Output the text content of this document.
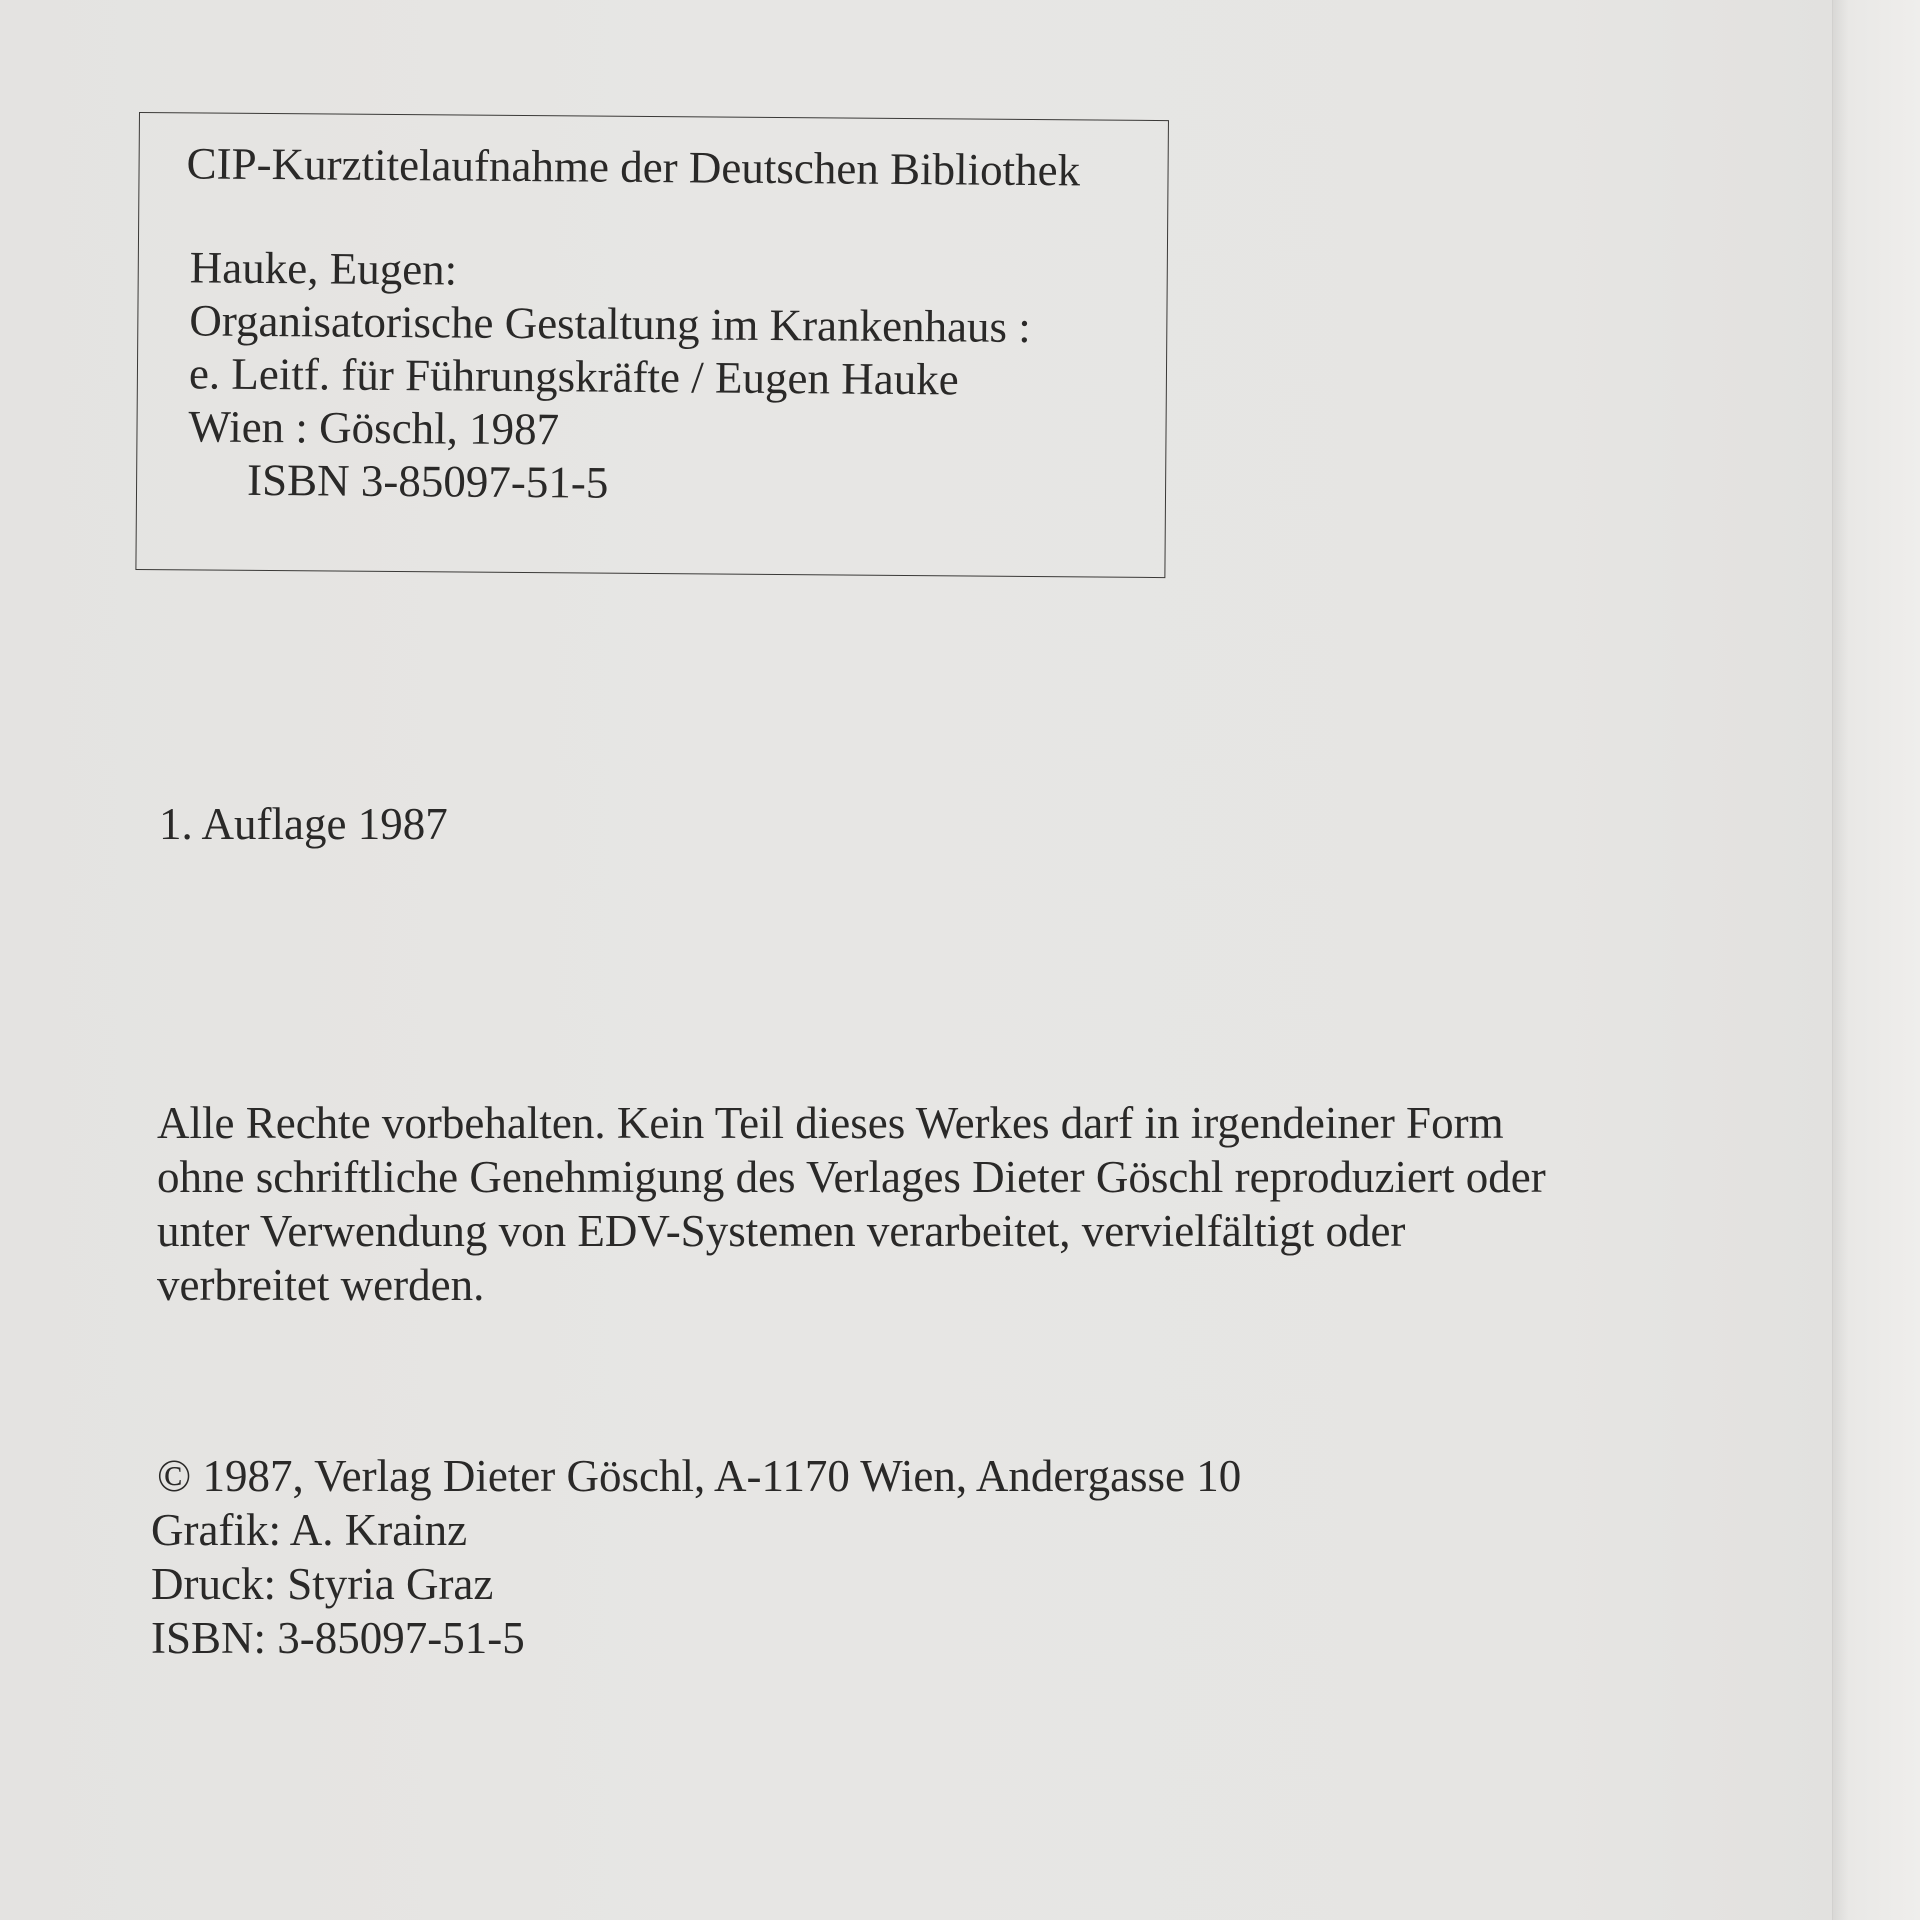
CIP-Kurztitelaufnahme der Deutschen Bibliothek
Hauke, Eugen:
Organisatorische Gestaltung im Krankenhaus :
e. Leitf. für Führungskräfte / Eugen Hauke
Wien : Göschl, 1987
ISBN 3-85097-51-5
1. Auflage 1987
Alle Rechte vorbehalten. Kein Teil dieses Werkes darf in irgendeiner Form
ohne schriftliche Genehmigung des Verlages Dieter Göschl reproduziert oder
unter Verwendung von EDV-Systemen verarbeitet, vervielfältigt oder
verbreitet werden.
© 1987, Verlag Dieter Göschl, A-1170 Wien, Andergasse 10
Grafik: A. Krainz
Druck: Styria Graz
ISBN: 3-85097-51-5
